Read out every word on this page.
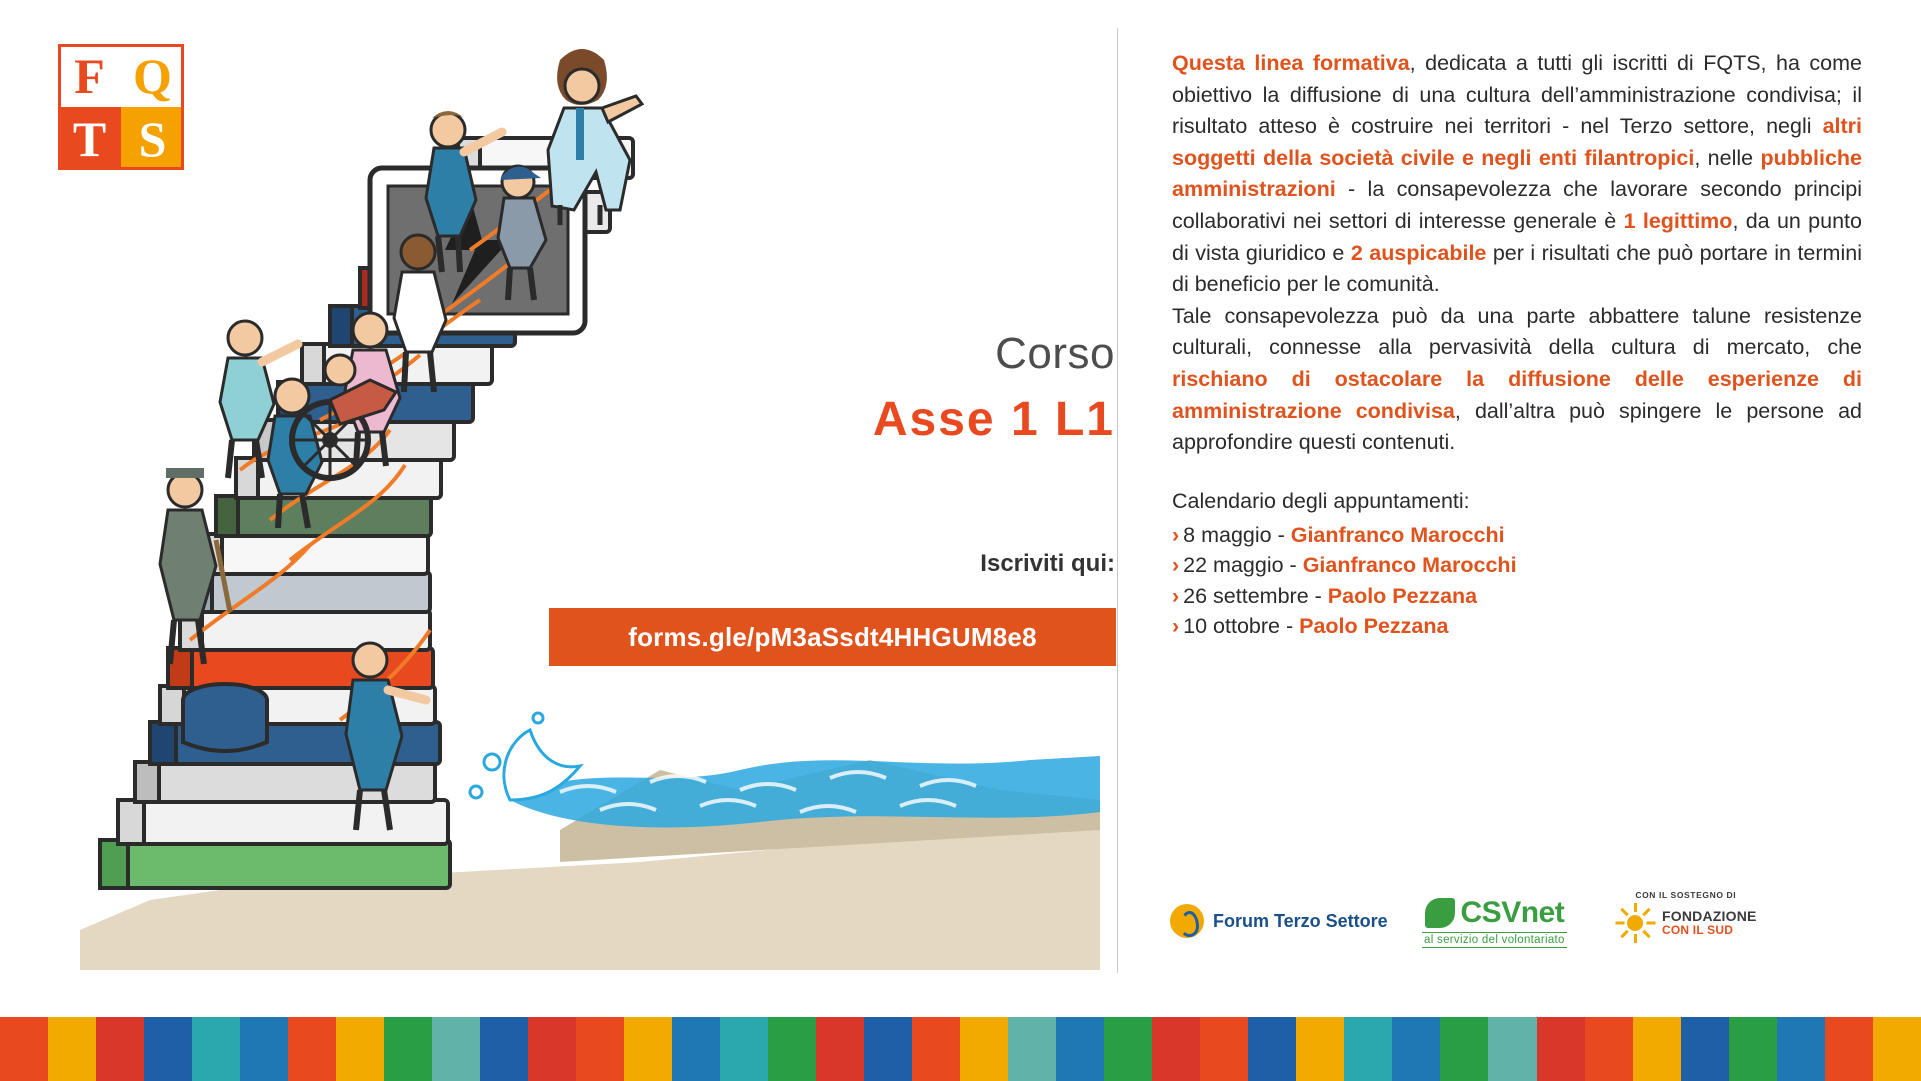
F Q
T S
Corso
Asse 1 L1
Iscriviti qui:
forms.gle/pM3aSsdt4HHGUM8e8

Questa linea formativa, dedicata a tutti gli iscritti di FQTS, ha come obiettivo la diffusione di una cultura dell’amministrazione condivisa; il risultato atteso è costruire nei territori - nel Terzo settore, negli altri soggetti della società civile e negli enti filantropici, nelle pubbliche amministrazioni - la consapevolezza che lavorare secondo principi collaborativi nei settori di interesse generale è 1 legittimo, da un punto di vista giuridico e 2 auspicabile per i risultati che può portare in termini di beneficio per le comunità.

Tale consapevolezza può da una parte abbattere talune resistenze culturali, connesse alla pervasività della cultura di mercato, che rischiano di ostacolare la diffusione delle esperienze di amministrazione condivisa, dall’altra può spingere le persone ad approfondire questi contenuti.

Calendario degli appuntamenti:
› 8 maggio - Gianfranco Marocchi
› 22 maggio - Gianfranco Marocchi
› 26 settembre - Paolo Pezzana
› 10 ottobre - Paolo Pezzana
Forum Terzo Settore CSVnet
al servizio del volontariato
CON IL SOSTEGNO DI
FONDAZIONE
CON IL SUD
